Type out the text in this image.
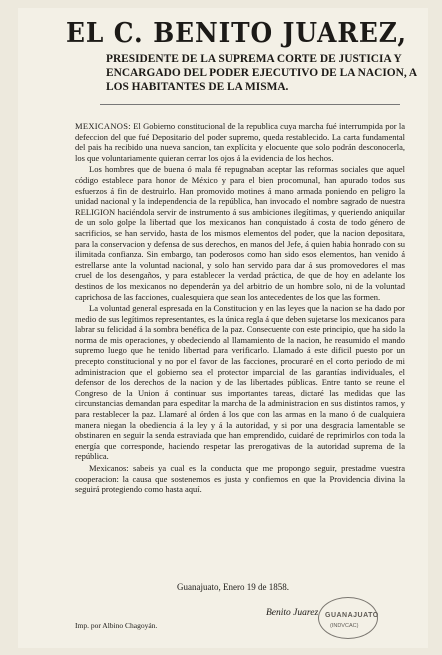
EL C. BENITO JUAREZ,
PRESIDENTE DE LA SUPREMA CORTE DE JUSTICIA Y
ENCARGADO DEL PODER EJECUTIVO DE LA NACION, A
LOS HABITANTES DE LA MISMA.

MEXICANOS: El Gobierno constitucional de la republica cuya marcha fué interrumpida por la defeccion del que fué Depositario del poder supremo, queda restablecido. La carta fundamental del pais ha recibido una nueva sancion, tan explícita y elocuente que solo podrán desconocerla, los que voluntariamente quieran cerrar los ojos á la evidencia de los hechos.

Los hombres que de buena ó mala fé repugnaban aceptar las reformas sociales que aquel código establece para honor de México y para el bien procomunal, han apurado todos sus esfuerzos á fin de destruirlo. Han promovido motines á mano armada poniendo en peligro la unidad nacional y la independencia de la república, han invocado el nombre sagrado de nuestra RELIGION haciéndola servir de instrumento á sus ambiciones ilegítimas, y queriendo aniquilar de un solo golpe la libertad que los mexicanos han conquistado á costa de todo género de sacrificios, se han servido, hasta de los mismos elementos del poder, que la nacion depositara, para la conservacion y defensa de sus derechos, en manos del Jefe, á quien habia honrado con su ilimitada confianza. Sin embargo, tan poderosos como han sido esos elementos, han venido á estrellarse ante la voluntad nacional, y solo han servido para dar á sus promovedores el mas cruel de los desengaños, y para establecer la verdad práctica, de que de hoy en adelante los destinos de los mexicanos no dependerán ya del arbitrio de un hombre solo, ni de la voluntad caprichosa de las facciones, cualesquiera que sean los antecedentes de los que las formen.

La voluntad general espresada en la Constitucion y en las leyes que la nacion se ha dado por medio de sus legítimos representantes, es la única regla á que deben sujetarse los mexicanos para labrar su felicidad á la sombra benéfica de la paz. Consecuente con este principio, que ha sido la norma de mis operaciones, y obedeciendo al llamamiento de la nacion, he reasumido el mando supremo luego que he tenido libertad para verificarlo. Llamado á este dificil puesto por un precepto constitucional y no por el favor de las facciones, procuraré en el corto periodo de mi administracion que el gobierno sea el protector imparcial de las garantías individuales, el defensor de los derechos de la nacion y de las libertades públicas. Entre tanto se reune el Congreso de la Union á continuar sus importantes tareas, dictaré las medidas que las circunstancias demandan para espeditar la marcha de la administracion en sus distintos ramos, y para restablecer la paz. Llamaré al órden á los que con las armas en la mano ó de cualquiera manera niegan la obediencia á la ley y á la autoridad, y si por una desgracia lamentable se obstinaren en seguir la senda estraviada que han emprendido, cuidaré de reprimirlos con toda la energía que corresponde, haciendo respetar las prerogativas de la autoridad suprema de la república.

Mexicanos: sabeis ya cual es la conducta que me propongo seguir, prestadme vuestra cooperacion: la causa que sostenemos es justa y confiemos en que la Providencia divina la seguirá protegiendo como hasta aquí.

Guanajuato, Enero 19 de 1858.
Benito Juarez
Imp. por Albino Chagoyán.
GUANAJUATO
(INDVCAC)
